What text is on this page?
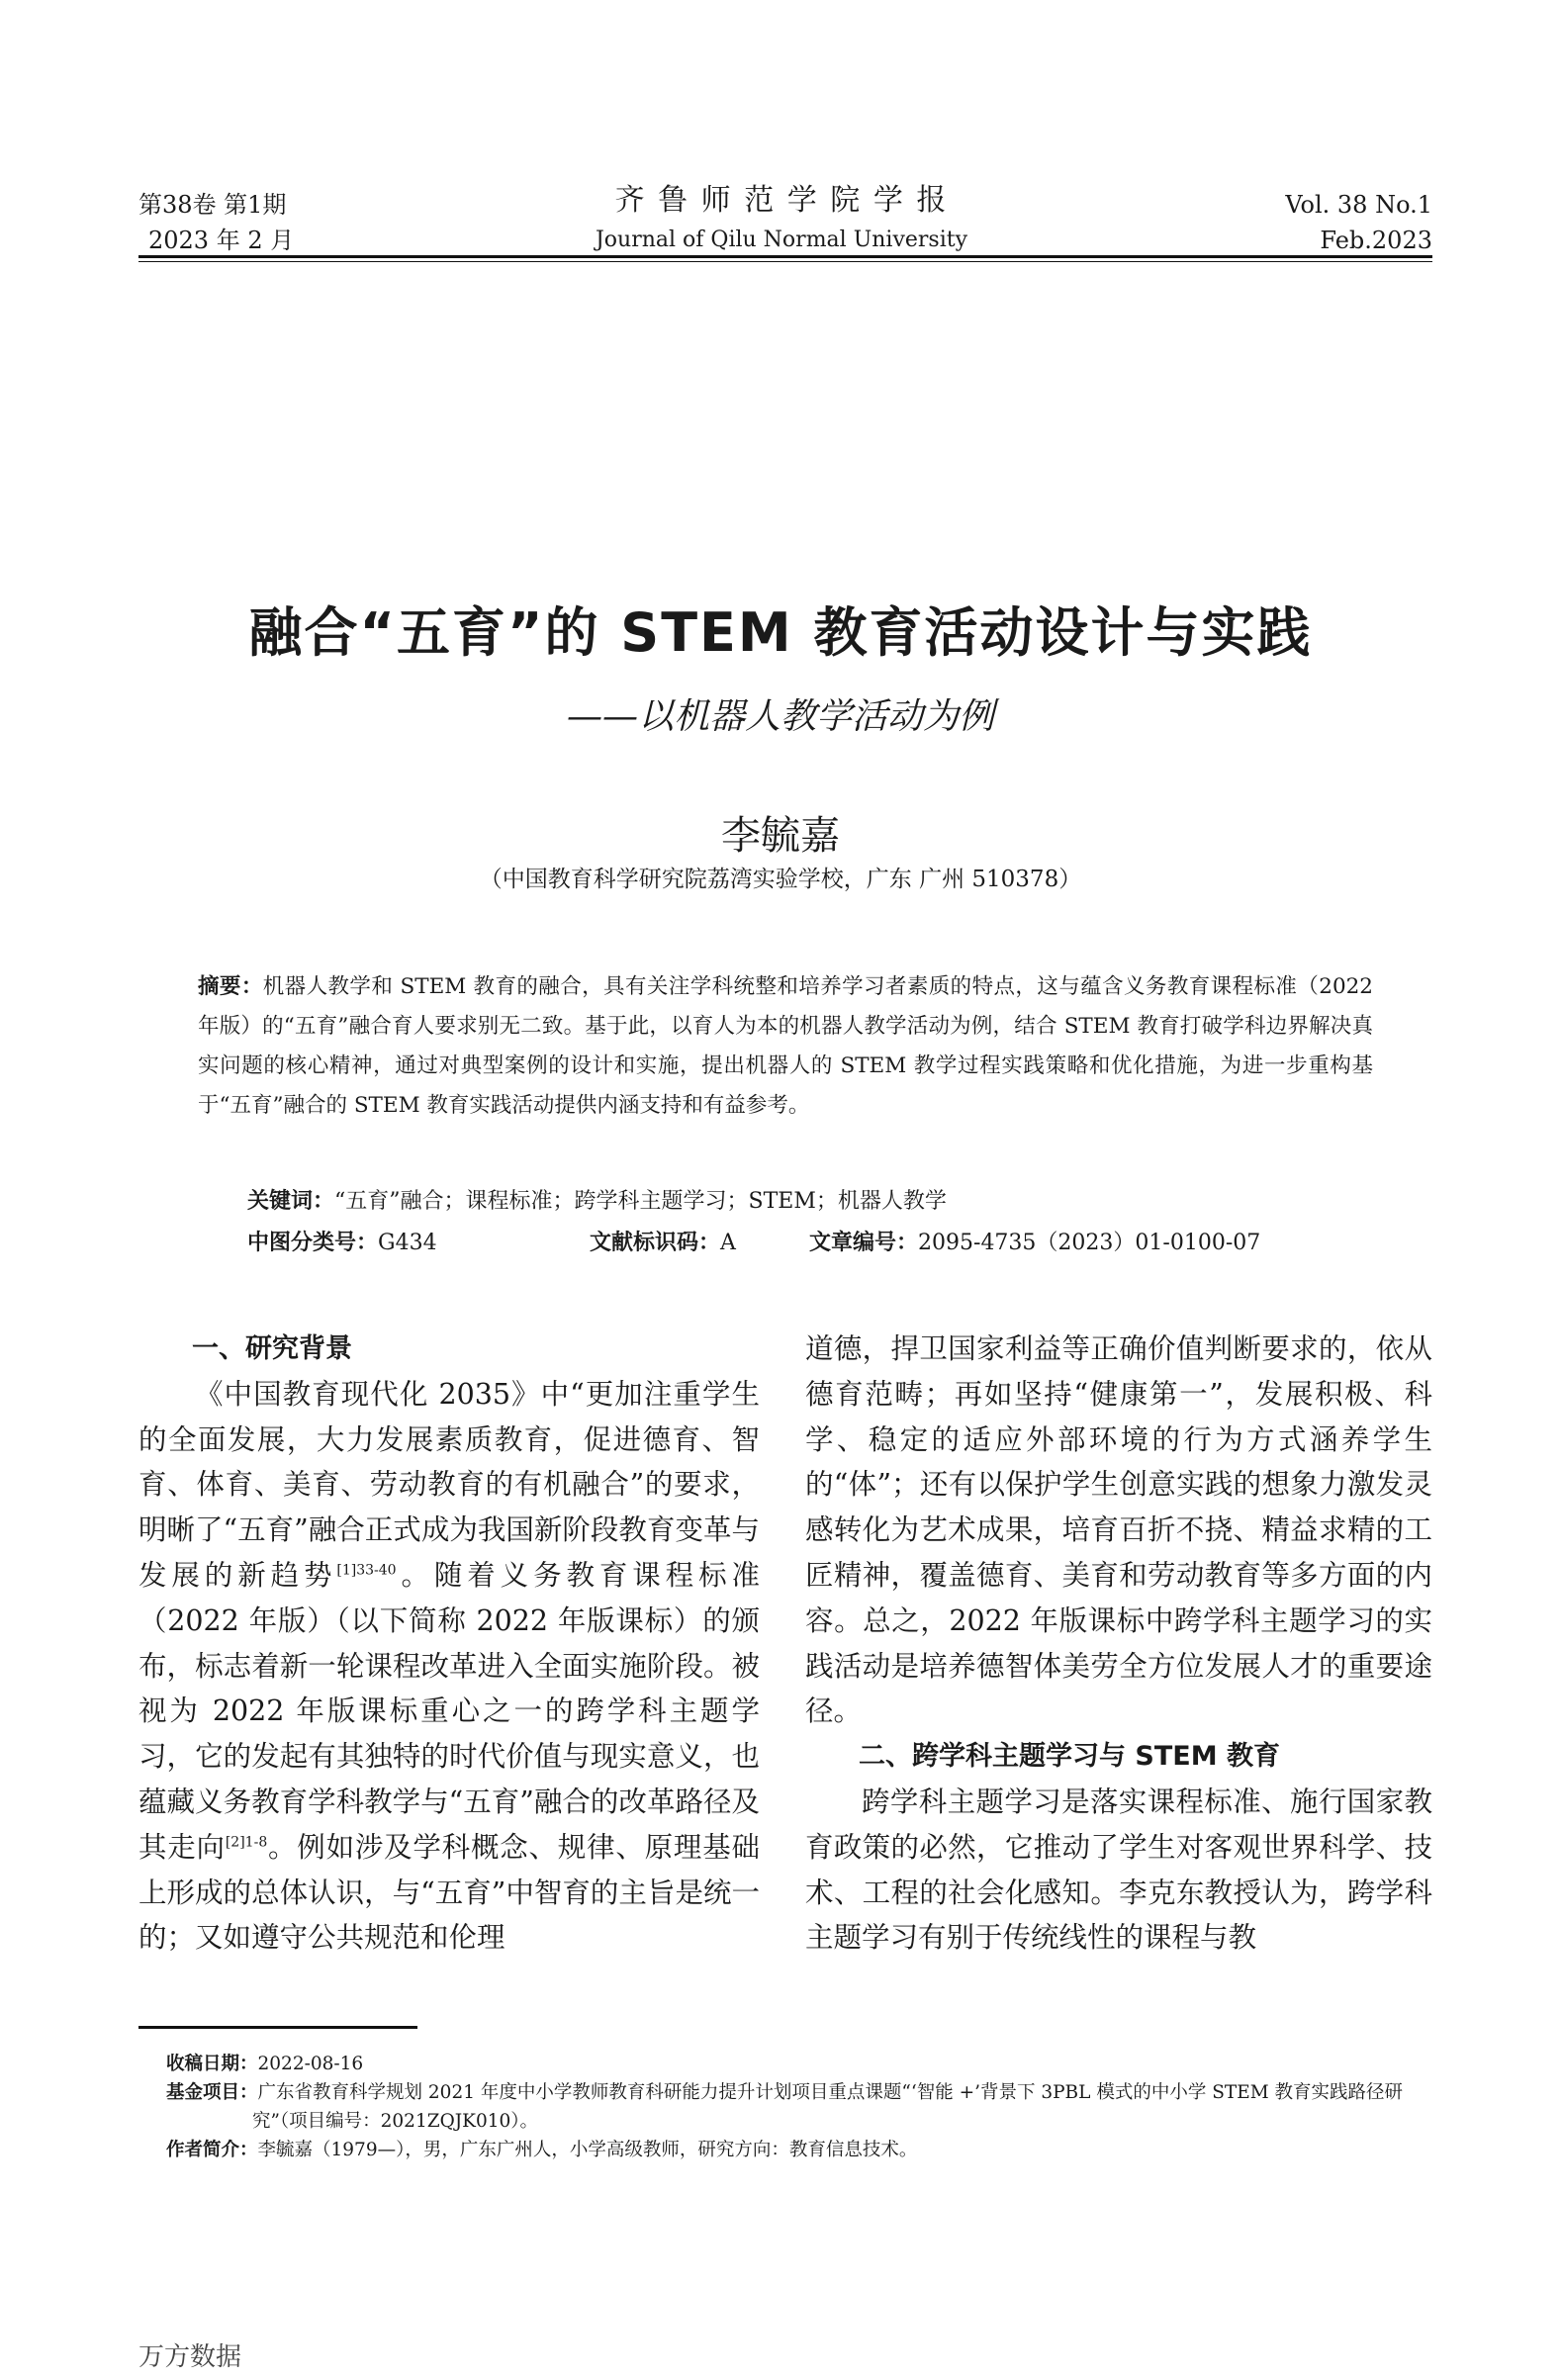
第38卷 第1期
2023 年 2 月
齐 鲁 师 范 学 院 学 报
Journal of Qilu Normal University
Vol. 38 No.1
Feb.2023
融合“五育”的 STEM 教育活动设计与实践
——以机器人教学活动为例
李毓嘉
（中国教育科学研究院荔湾实验学校，广东 广州 510378）
摘要：机器人教学和 STEM 教育的融合，具有关注学科统整和培养学习者素质的特点，这与蕴含义务教育课程标准（2022 年版）的“五育”融合育人要求别无二致。基于此，以育人为本的机器人教学活动为例，结合 STEM 教育打破学科边界解决真实问题的核心精神，通过对典型案例的设计和实施，提出机器人的 STEM 教学过程实践策略和优化措施，为进一步重构基于“五育”融合的 STEM 教育实践活动提供内涵支持和有益参考。
关键词：“五育”融合；课程标准；跨学科主题学习；STEM；机器人教学
中图分类号：G434	文献标识码：A	文章编号：2095-4735（2023）01-0100-07
一、研究背景

《中国教育现代化 2035》中“更加注重学生的全面发展，大力发展素质教育，促进德育、智育、体育、美育、劳动教育的有机融合”的要求，明晰了“五育”融合正式成为我国新阶段教育变革与发展的新趋势$^{[1]33-40}$。随着义务教育课程标准（2022 年版）（以下简称 2022 年版课标）的颁布，标志着新一轮课程改革进入全面实施阶段。被视为 2022 年版课标重心之一的跨学科主题学习，它的发起有其独特的时代价值与现实意义，也蕴藏义务教育学科教学与“五育”融合的改革路径及其走向$^{[2]1-8}$。例如涉及学科概念、规律、原理基础上形成的总体认识，与“五育”中智育的主旨是统一的；又如遵守公共规范和伦理

道德，捍卫国家利益等正确价值判断要求的，依从德育范畴；再如坚持“健康第一”，发展积极、科学、稳定的适应外部环境的行为方式涵养学生的“体”；还有以保护学生创意实践的想象力激发灵感转化为艺术成果，培育百折不挠、精益求精的工匠精神，覆盖德育、美育和劳动教育等多方面的内容。总之，2022 年版课标中跨学科主题学习的实践活动是培养德智体美劳全方位发展人才的重要途径。

二、跨学科主题学习与 STEM 教育

跨学科主题学习是落实课程标准、施行国家教育政策的必然，它推动了学生对客观世界科学、技术、工程的社会化感知。李克东教授认为，跨学科主题学习有别于传统线性的课程与教

收稿日期：2022-08-16
基金项目：广东省教育科学规划 2021 年度中小学教师教育科研能力提升计划项目重点课题“‘智能 +’背景下 3PBL 模式的中小学 STEM 教育实践路径研究”（项目编号：2021ZQJK010）。
作者简介：李毓嘉（1979—），男，广东广州人，小学高级教师，研究方向：教育信息技术。
万方数据
